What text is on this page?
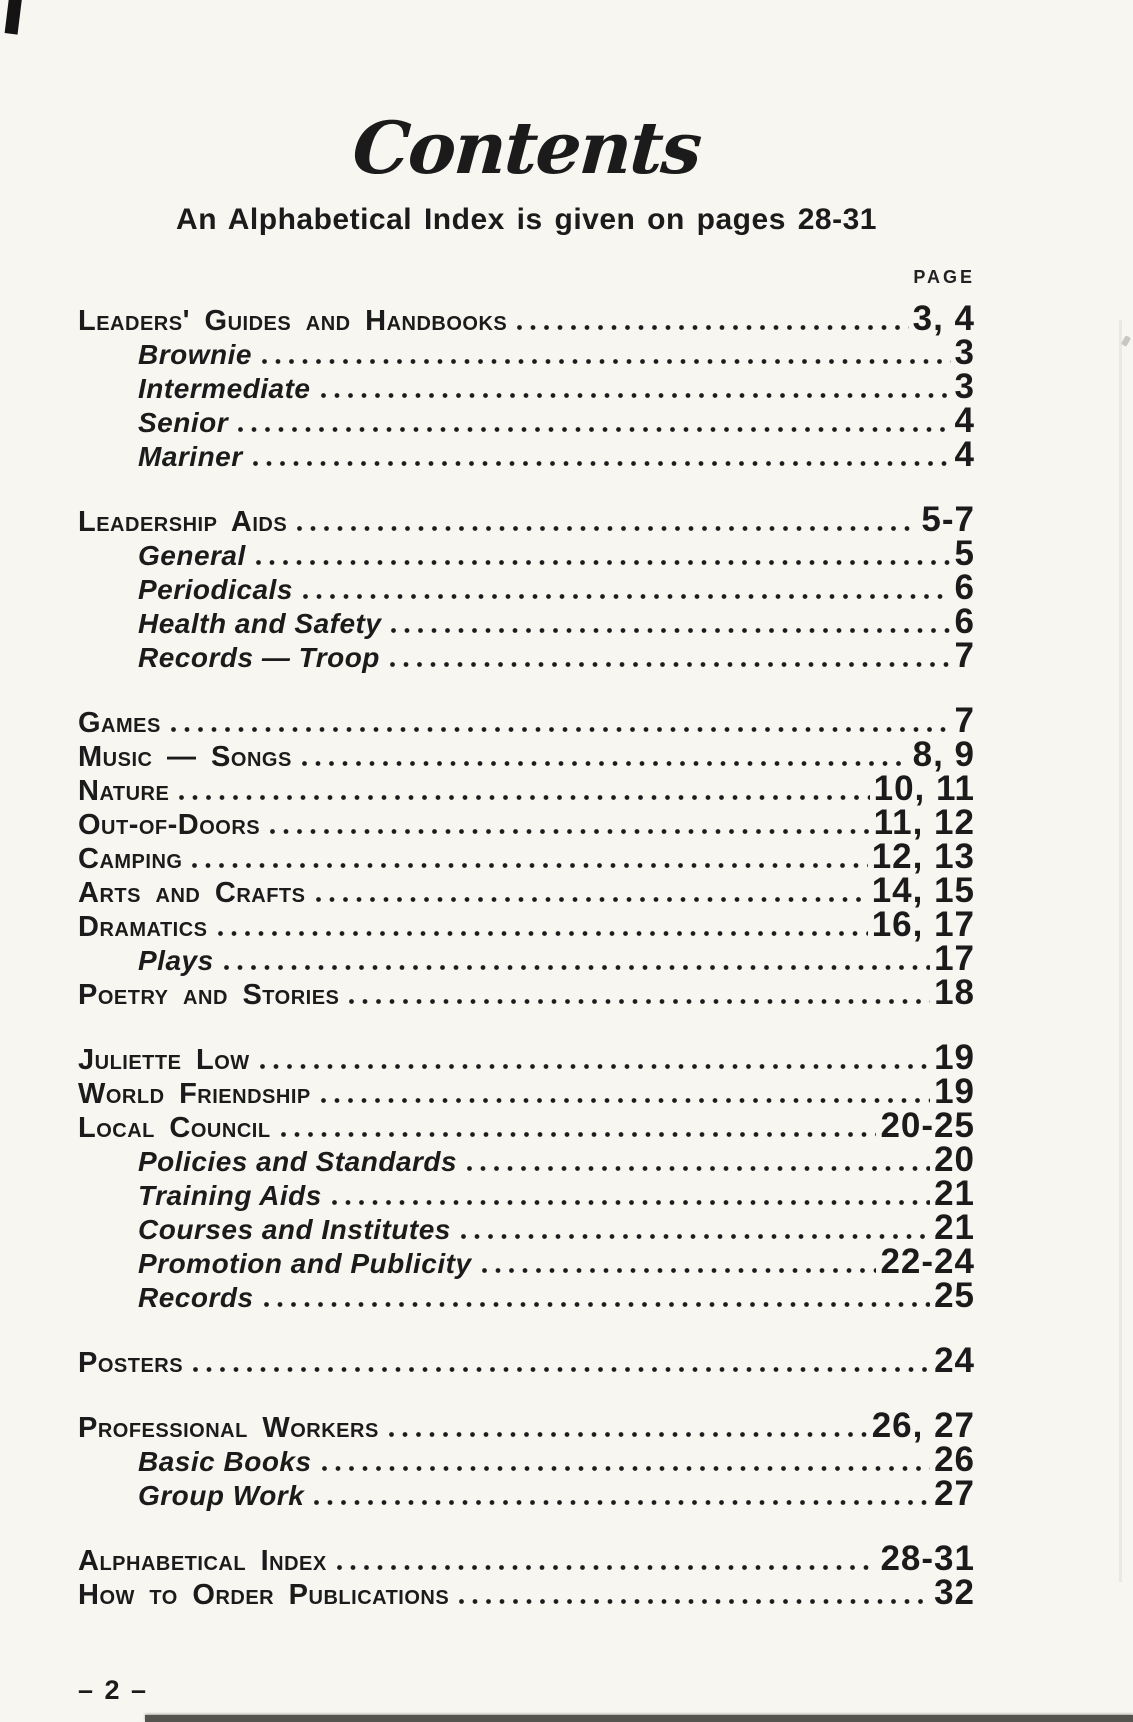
Contents
An Alphabetical Index is given on pages 28-31
PAGE
Leaders' Guides and Handbooks	3, 4
Brownie	3
Intermediate	3
Senior	4
Mariner	4
Leadership Aids	5-7
General	5
Periodicals	6
Health and Safety	6
Records — Troop	7
Games	7
Music — Songs	8, 9
Nature	10, 11
Out-of-Doors	11, 12
Camping	12, 13
Arts and Crafts	14, 15
Dramatics	16, 17
Plays	17
Poetry and Stories	18
Juliette Low	19
World Friendship	19
Local Council	20-25
Policies and Standards	20
Training Aids	21
Courses and Institutes	21
Promotion and Publicity	22-24
Records	25
Posters	24
Professional Workers	26, 27
Basic Books	26
Group Work	27
Alphabetical Index	28-31
How to Order Publications	32
– 2 –
